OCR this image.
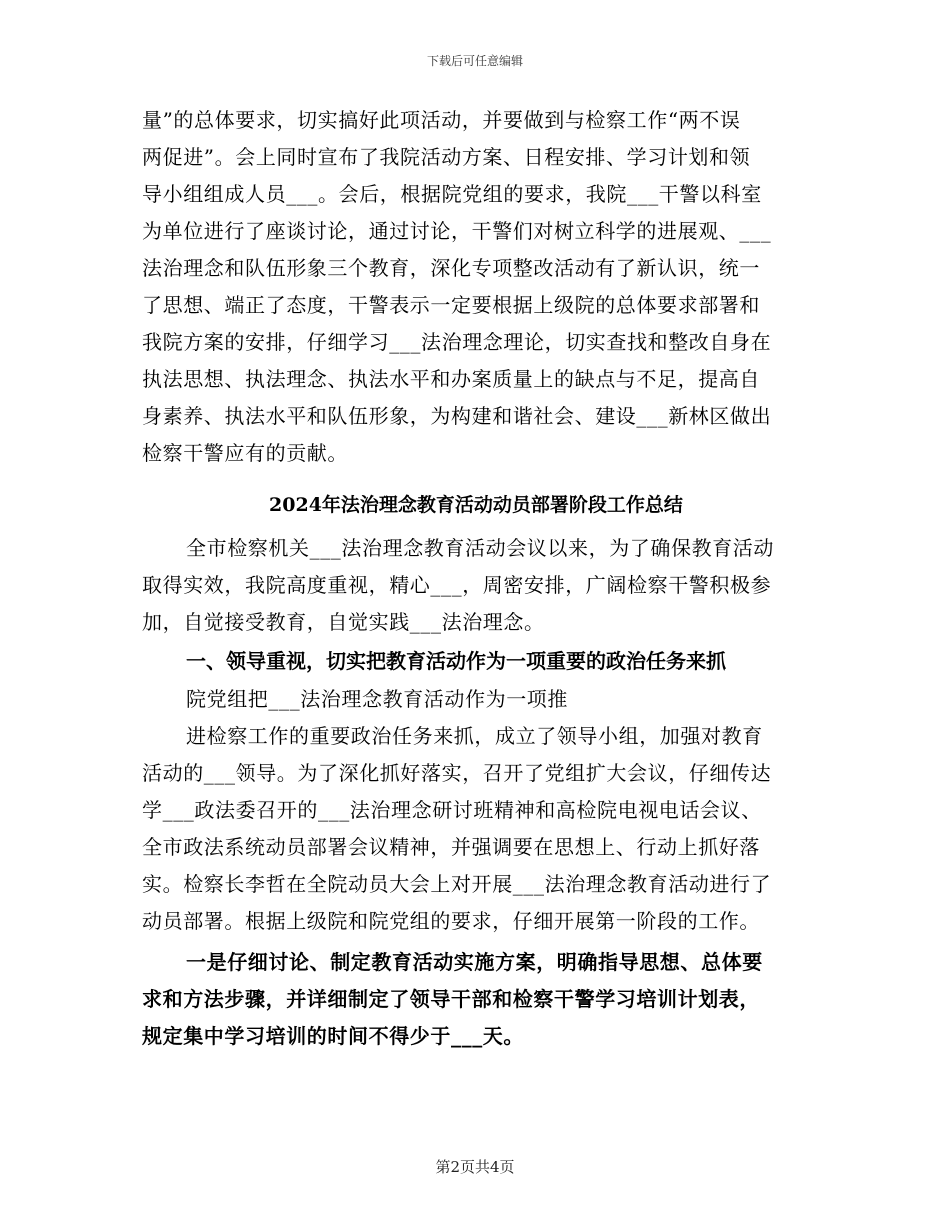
下载后可任意编辑
量”的总体要求，切实搞好此项活动，并要做到与检察工作“两不误
两促进”。会上同时宣布了我院活动方案、日程安排、学习计划和领
导小组组成人员___。会后，根据院党组的要求，我院___干警以科室
为单位进行了座谈讨论，通过讨论，干警们对树立科学的进展观、___
法治理念和队伍形象三个教育，深化专项整改活动有了新认识，统一
了思想、端正了态度，干警表示一定要根据上级院的总体要求部署和
我院方案的安排，仔细学习___法治理念理论，切实查找和整改自身在
执法思想、执法理念、执法水平和办案质量上的缺点与不足，提高自
身素养、执法水平和队伍形象，为构建和谐社会、建设___新林区做出
检察干警应有的贡献。
2024年法治理念教育活动动员部署阶段工作总结
全市检察机关___法治理念教育活动会议以来，为了确保教育活动
取得实效，我院高度重视，精心___，周密安排，广阔检察干警积极参
加，自觉接受教育，自觉实践___法治理念。
一、领导重视，切实把教育活动作为一项重要的政治任务来抓
院党组把___法治理念教育活动作为一项推
进检察工作的重要政治任务来抓，成立了领导小组，加强对教育
活动的___领导。为了深化抓好落实，召开了党组扩大会议，仔细传达
学___政法委召开的___法治理念研讨班精神和高检院电视电话会议、
全市政法系统动员部署会议精神，并强调要在思想上、行动上抓好落
实。检察长李哲在全院动员大会上对开展___法治理念教育活动进行了
动员部署。根据上级院和院党组的要求，仔细开展第一阶段的工作。
一是仔细讨论、制定教育活动实施方案，明确指导思想、总体要
求和方法步骤，并详细制定了领导干部和检察干警学习培训计划表，
规定集中学习培训的时间不得少于___天。
第2页共4页
